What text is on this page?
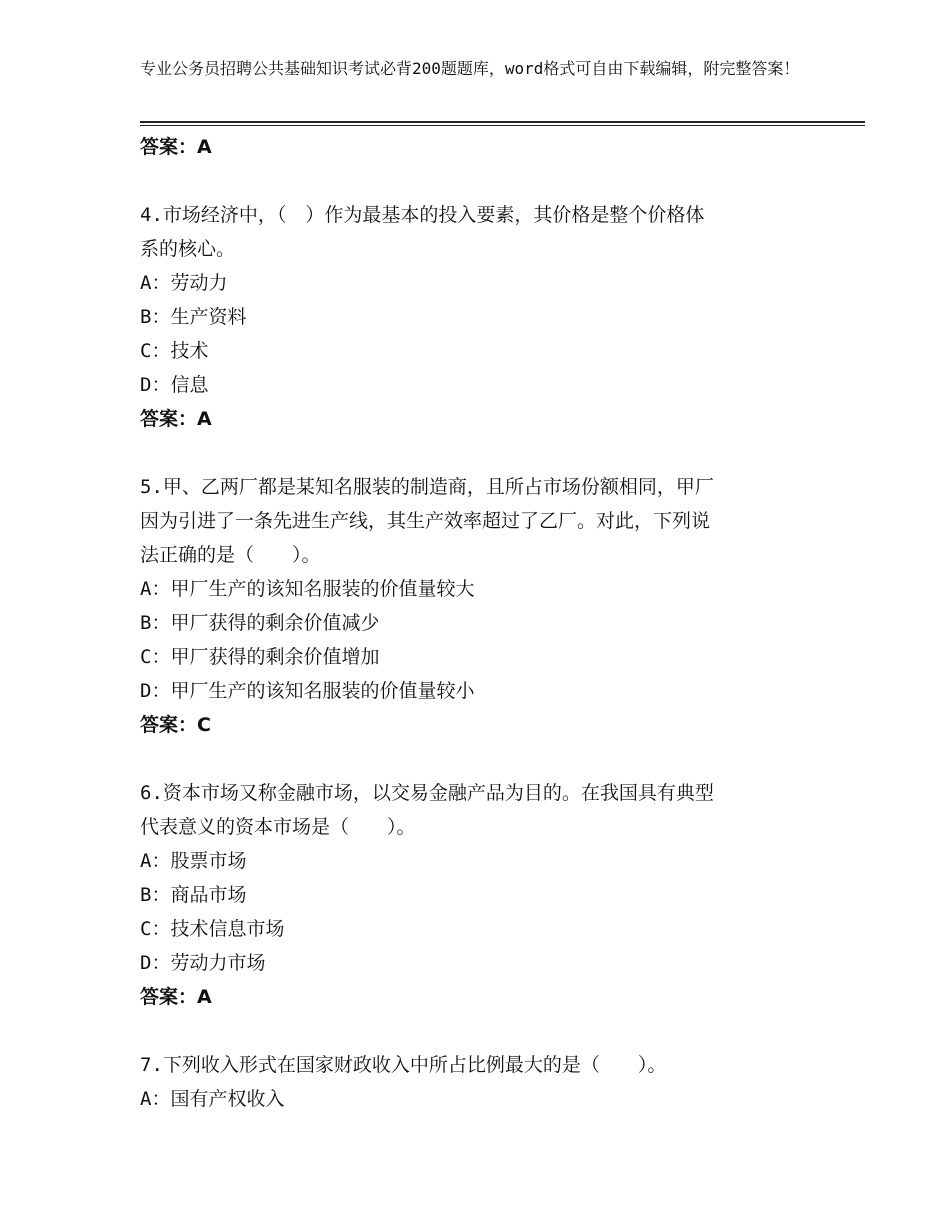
专业公务员招聘公共基础知识考试必背200题题库，word格式可自由下载编辑，附完整答案！
答案：A
4.市场经济中，（　）作为最基本的投入要素，其价格是整个价格体
系的核心。
A：劳动力
B：生产资料
C：技术
D：信息
答案：A
5.甲、乙两厂都是某知名服装的制造商，且所占市场份额相同，甲厂
因为引进了一条先进生产线，其生产效率超过了乙厂。对此，下列说
法正确的是（　　）。
A：甲厂生产的该知名服装的价值量较大
B：甲厂获得的剩余价值减少
C：甲厂获得的剩余价值增加
D：甲厂生产的该知名服装的价值量较小
答案：C
6.资本市场又称金融市场，以交易金融产品为目的。在我国具有典型
代表意义的资本市场是（　　）。
A：股票市场
B：商品市场
C：技术信息市场
D：劳动力市场
答案：A
7.下列收入形式在国家财政收入中所占比例最大的是（　　）。
A：国有产权收入
